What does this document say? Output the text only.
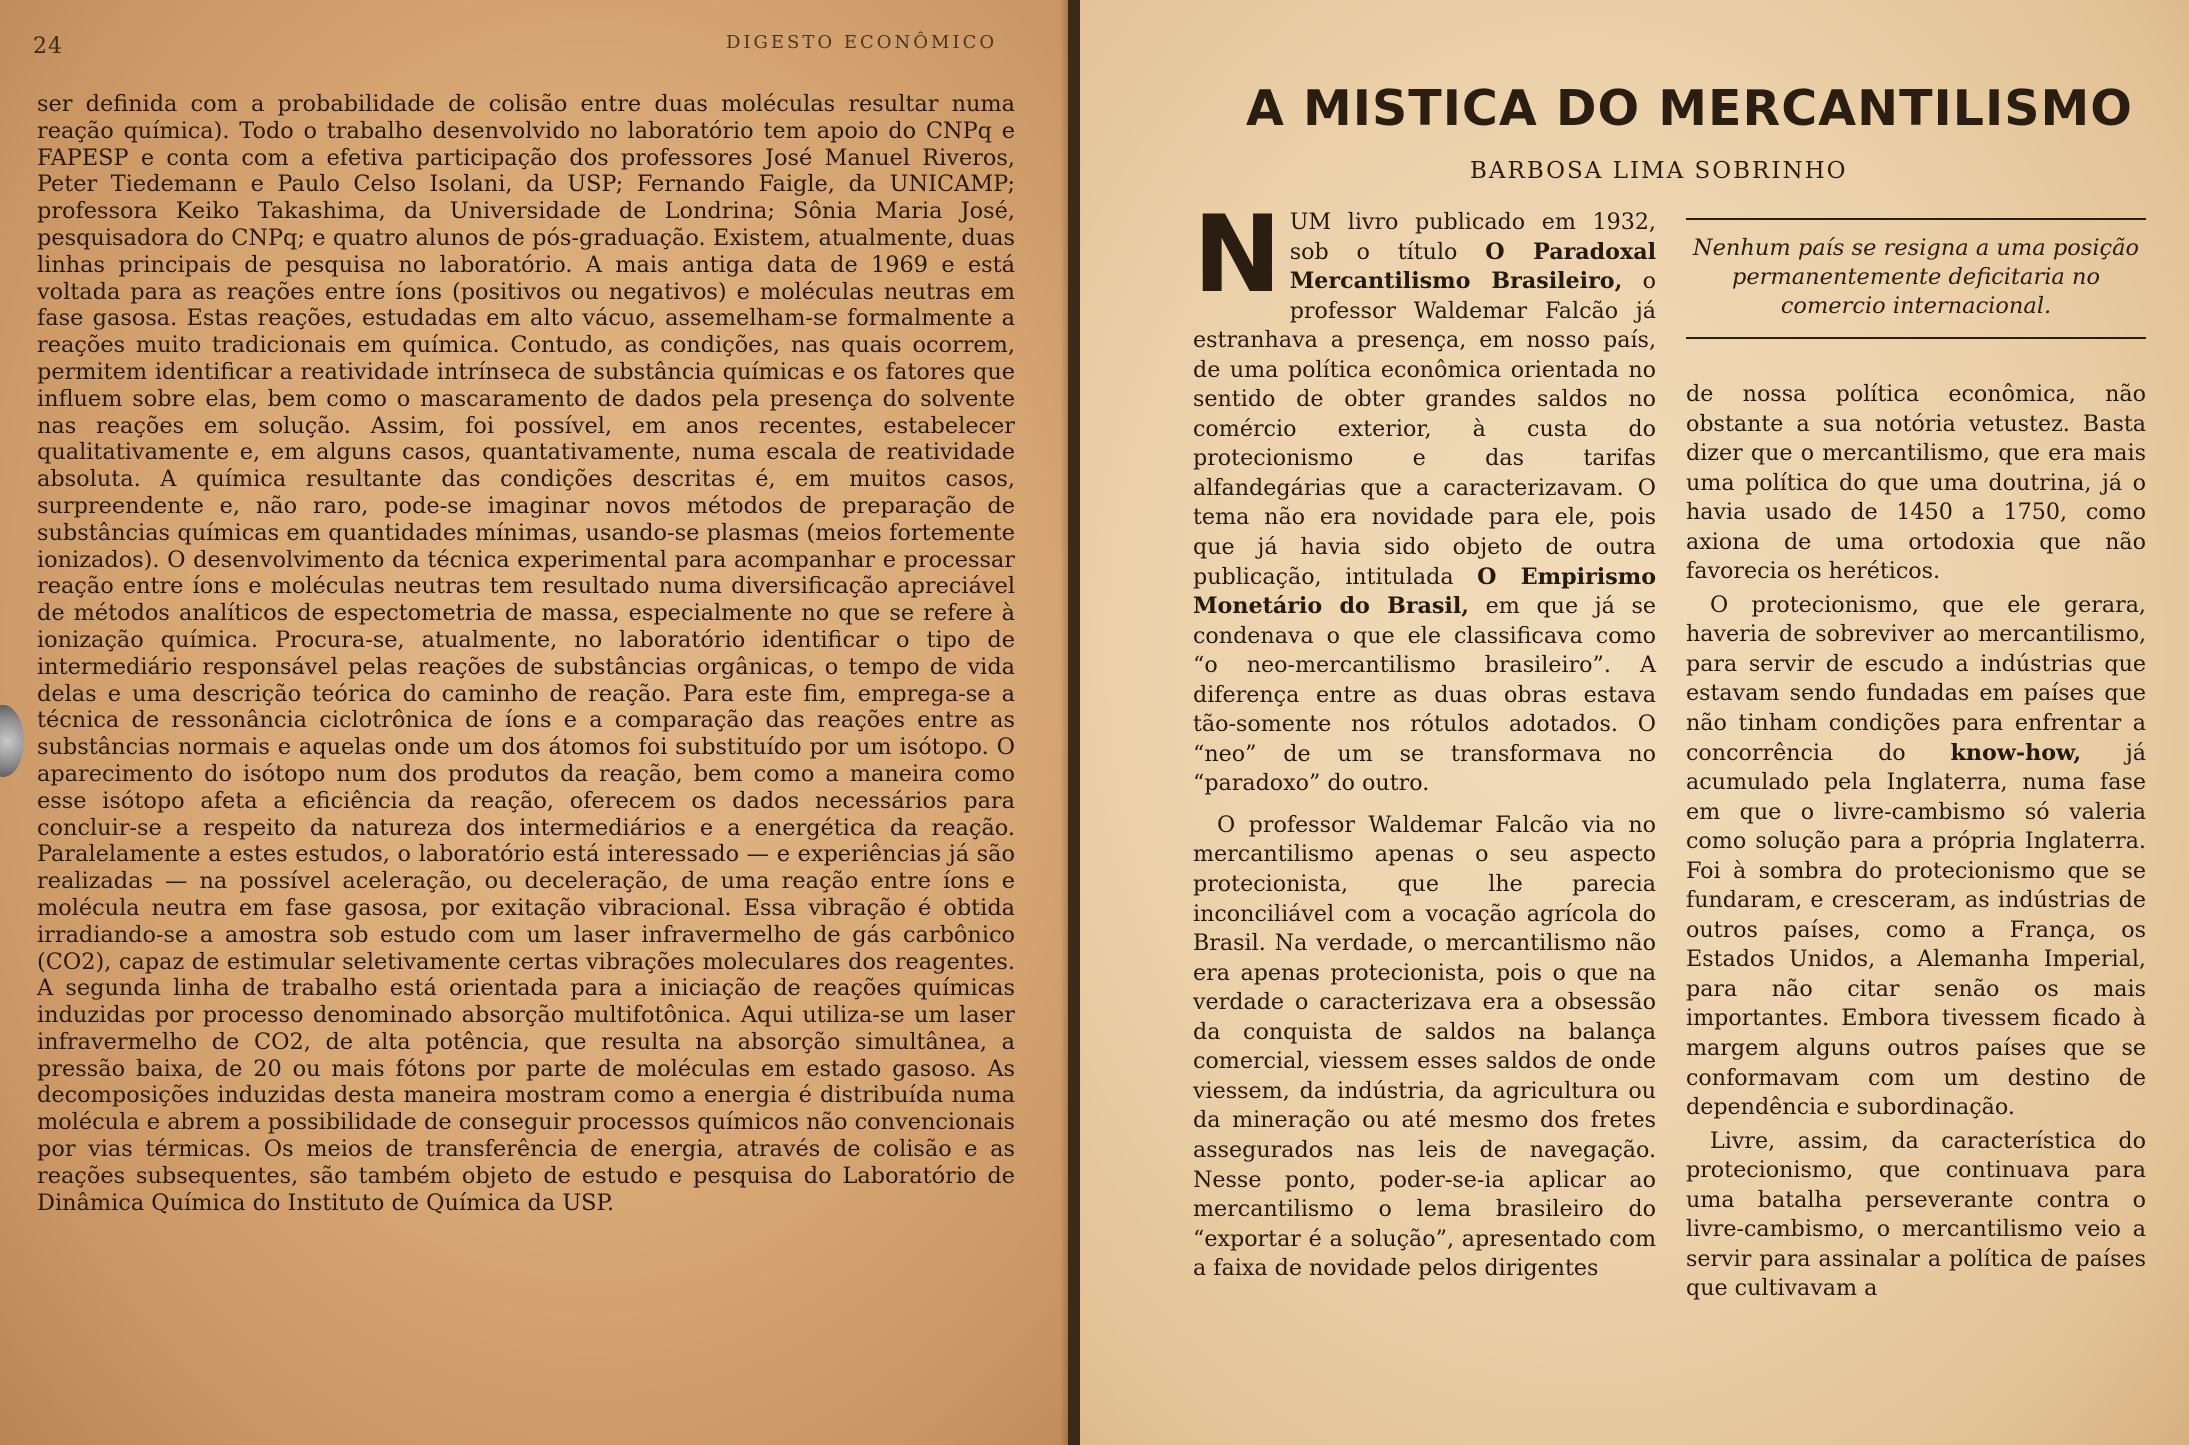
24	DIGESTO ECONÔMICO

ser definida com a probabilidade de colisão entre duas moléculas resultar numa reação química). Todo o trabalho desenvolvido no laboratório tem apoio do CNPq e FAPESP e conta com a efetiva participação dos professores José Manuel Riveros, Peter Tiedemann e Paulo Celso Isolani, da USP; Fernando Faigle, da UNICAMP; professora Keiko Takashima, da Universidade de Londrina; Sônia Maria José, pesquisadora do CNPq; e quatro alunos de pós-graduação. Existem, atualmente, duas linhas principais de pesquisa no laboratório. A mais antiga data de 1969 e está voltada para as reações entre íons (positivos ou negativos) e moléculas neutras em fase gasosa. Estas reações, estudadas em alto vácuo, assemelham-se formalmente a reações muito tradicionais em química. Contudo, as condições, nas quais ocorrem, permitem identificar a reatividade intrínseca de substância químicas e os fatores que influem sobre elas, bem como o mascaramento de dados pela presença do solvente nas reações em solução. Assim, foi possível, em anos recentes, estabelecer qualitativamente e, em alguns casos, quantativamente, numa escala de reatividade absoluta. A química resultante das condições descritas é, em muitos casos, surpreendente e, não raro, pode-se imaginar novos métodos de preparação de substâncias químicas em quantidades mínimas, usando-se plasmas (meios fortemente ionizados). O desenvolvimento da técnica experimental para acompanhar e processar reação entre íons e moléculas neutras tem resultado numa diversificação apreciável de métodos analíticos de espectometria de massa, especialmente no que se refere à ionização química. Procura-se, atualmente, no laboratório identificar o tipo de intermediário responsável pelas reações de substâncias orgânicas, o tempo de vida delas e uma descrição teórica do caminho de reação. Para este fim, emprega-se a técnica de ressonância ciclotrônica de íons e a comparação das reações entre as substâncias normais e aquelas onde um dos átomos foi substituído por um isótopo. O aparecimento do isótopo num dos produtos da reação, bem como a maneira como esse isótopo afeta a eficiência da reação, oferecem os dados necessários para concluir-se a respeito da natureza dos intermediários e a energética da reação. Paralelamente a estes estudos, o laboratório está interessado — e experiências já são realizadas — na possível aceleração, ou deceleração, de uma reação entre íons e molécula neutra em fase gasosa, por exitação vibracional. Essa vibração é obtida irradiando-se a amostra sob estudo com um laser infravermelho de gás carbônico (CO2), capaz de estimular seletivamente certas vibrações moleculares dos reagentes. A segunda linha de trabalho está orientada para a iniciação de reações químicas induzidas por processo denominado absorção multifotônica. Aqui utiliza-se um laser infravermelho de CO2, de alta potência, que resulta na absorção simultânea, a pressão baixa, de 20 ou mais fótons por parte de moléculas em estado gasoso. As decomposições induzidas desta maneira mostram como a energia é distribuída numa molécula e abrem a possibilidade de conseguir processos químicos não convencionais por vias térmicas. Os meios de transferência de energia, através de colisão e as reações subsequentes, são também objeto de estudo e pesquisa do Laboratório de Dinâmica Química do Instituto de Química da USP.

A MISTICA DO MERCANTILISMO
BARBOSA LIMA SOBRINHO

NUM livro publicado em 1932, sob o título O Paradoxal Mercantilismo Brasileiro, o professor Waldemar Falcão já estranhava a presença, em nosso país, de uma política econômica orientada no sentido de obter grandes saldos no comércio exterior, à custa do protecionismo e das tarifas alfandegárias que a caracterizavam. O tema não era novidade para ele, pois que já havia sido objeto de outra publicação, intitulada O Empirismo Monetário do Brasil, em que já se condenava o que ele classificava como “o neo-mercantilismo brasileiro”. A diferença entre as duas obras estava tão-somente nos rótulos adotados. O “neo” de um se transformava no “paradoxo” do outro.

O professor Waldemar Falcão via no mercantilismo apenas o seu aspecto protecionista, que lhe parecia inconciliável com a vocação agrícola do Brasil. Na verdade, o mercantilismo não era apenas protecionista, pois o que na verdade o caracterizava era a obsessão da conquista de saldos na balança comercial, viessem esses saldos de onde viessem, da indústria, da agricultura ou da mineração ou até mesmo dos fretes assegurados nas leis de navegação. Nesse ponto, poder-se-ia aplicar ao mercantilismo o lema brasileiro do “exportar é a solução”, apresentado com a faixa de novidade pelos dirigentes

Nenhum país se resigna a uma posição permanentemente deficitaria no comercio internacional.

de nossa política econômica, não obstante a sua notória vetustez. Basta dizer que o mercantilismo, que era mais uma política do que uma doutrina, já o havia usado de 1450 a 1750, como axiona de uma ortodoxia que não favorecia os heréticos.

O protecionismo, que ele gerara, haveria de sobreviver ao mercantilismo, para servir de escudo a indústrias que estavam sendo fundadas em países que não tinham condições para enfrentar a concorrência do know-how, já acumulado pela Inglaterra, numa fase em que o livre-cambismo só valeria como solução para a própria Inglaterra. Foi à sombra do protecionismo que se fundaram, e cresceram, as indústrias de outros países, como a França, os Estados Unidos, a Alemanha Imperial, para não citar senão os mais importantes. Embora tivessem ficado à margem alguns outros países que se conformavam com um destino de dependência e subordinação.

Livre, assim, da característica do protecionismo, que continuava para uma batalha perseverante contra o livre-cambismo, o mercantilismo veio a servir para assinalar a política de países que cultivavam a
